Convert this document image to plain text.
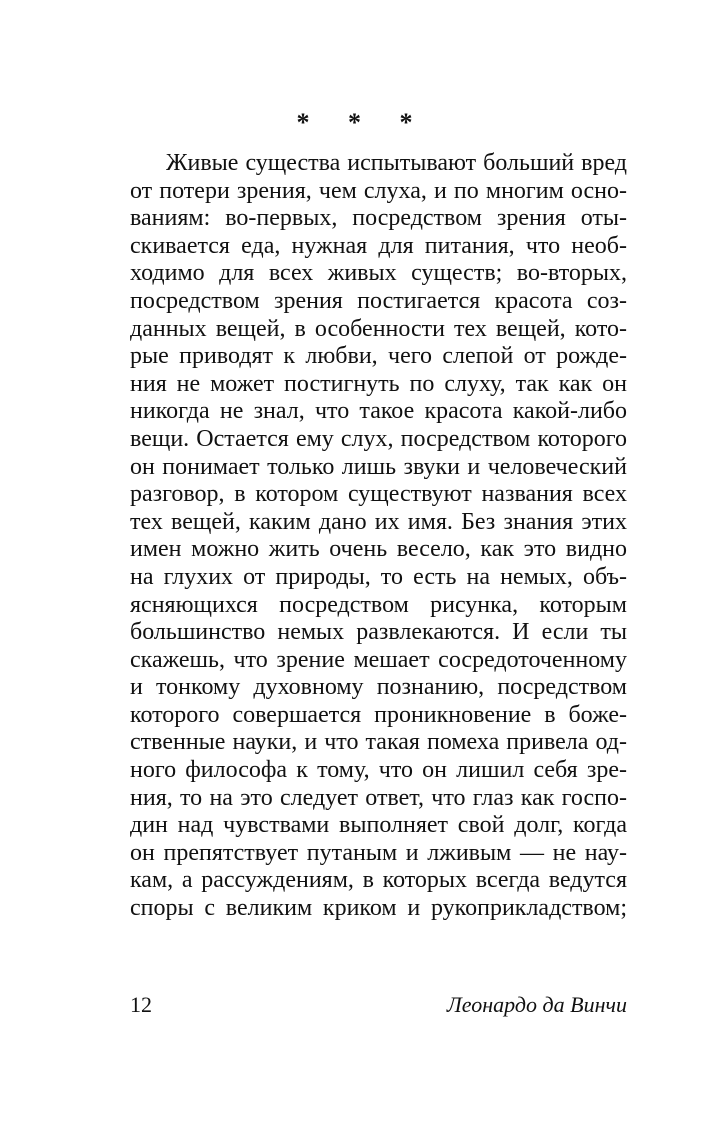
* * *
Живые существа испытывают больший вред
от потери зрения, чем слуха, и по многим осно-
ваниям: во-первых, посредством зрения оты-
скивается еда, нужная для питания, что необ-
ходимо для всех живых существ; во-вторых,
посредством зрения постигается красота соз-
данных вещей, в особенности тех вещей, кото-
рые приводят к любви, чего слепой от рожде-
ния не может постигнуть по слуху, так как он
никогда не знал, что такое красота какой-либо
вещи. Остается ему слух, посредством которого
он понимает только лишь звуки и человеческий
разговор, в котором существуют названия всех
тех вещей, каким дано их имя. Без знания этих
имен можно жить очень весело, как это видно
на глухих от природы, то есть на немых, объ-
ясняющихся посредством рисунка, которым
большинство немых развлекаются. И если ты
скажешь, что зрение мешает сосредоточенному
и тонкому духовному познанию, посредством
которого совершается проникновение в боже-
ственные науки, и что такая помеха привела од-
ного философа к тому, что он лишил себя зре-
ния, то на это следует ответ, что глаз как госпо-
дин над чувствами выполняет свой долг, когда
он препятствует путаным и лживым — не нау-
кам, а рассуждениям, в которых всегда ведутся
споры с великим криком и рукоприкладством;
12	Леонардо да Винчи
